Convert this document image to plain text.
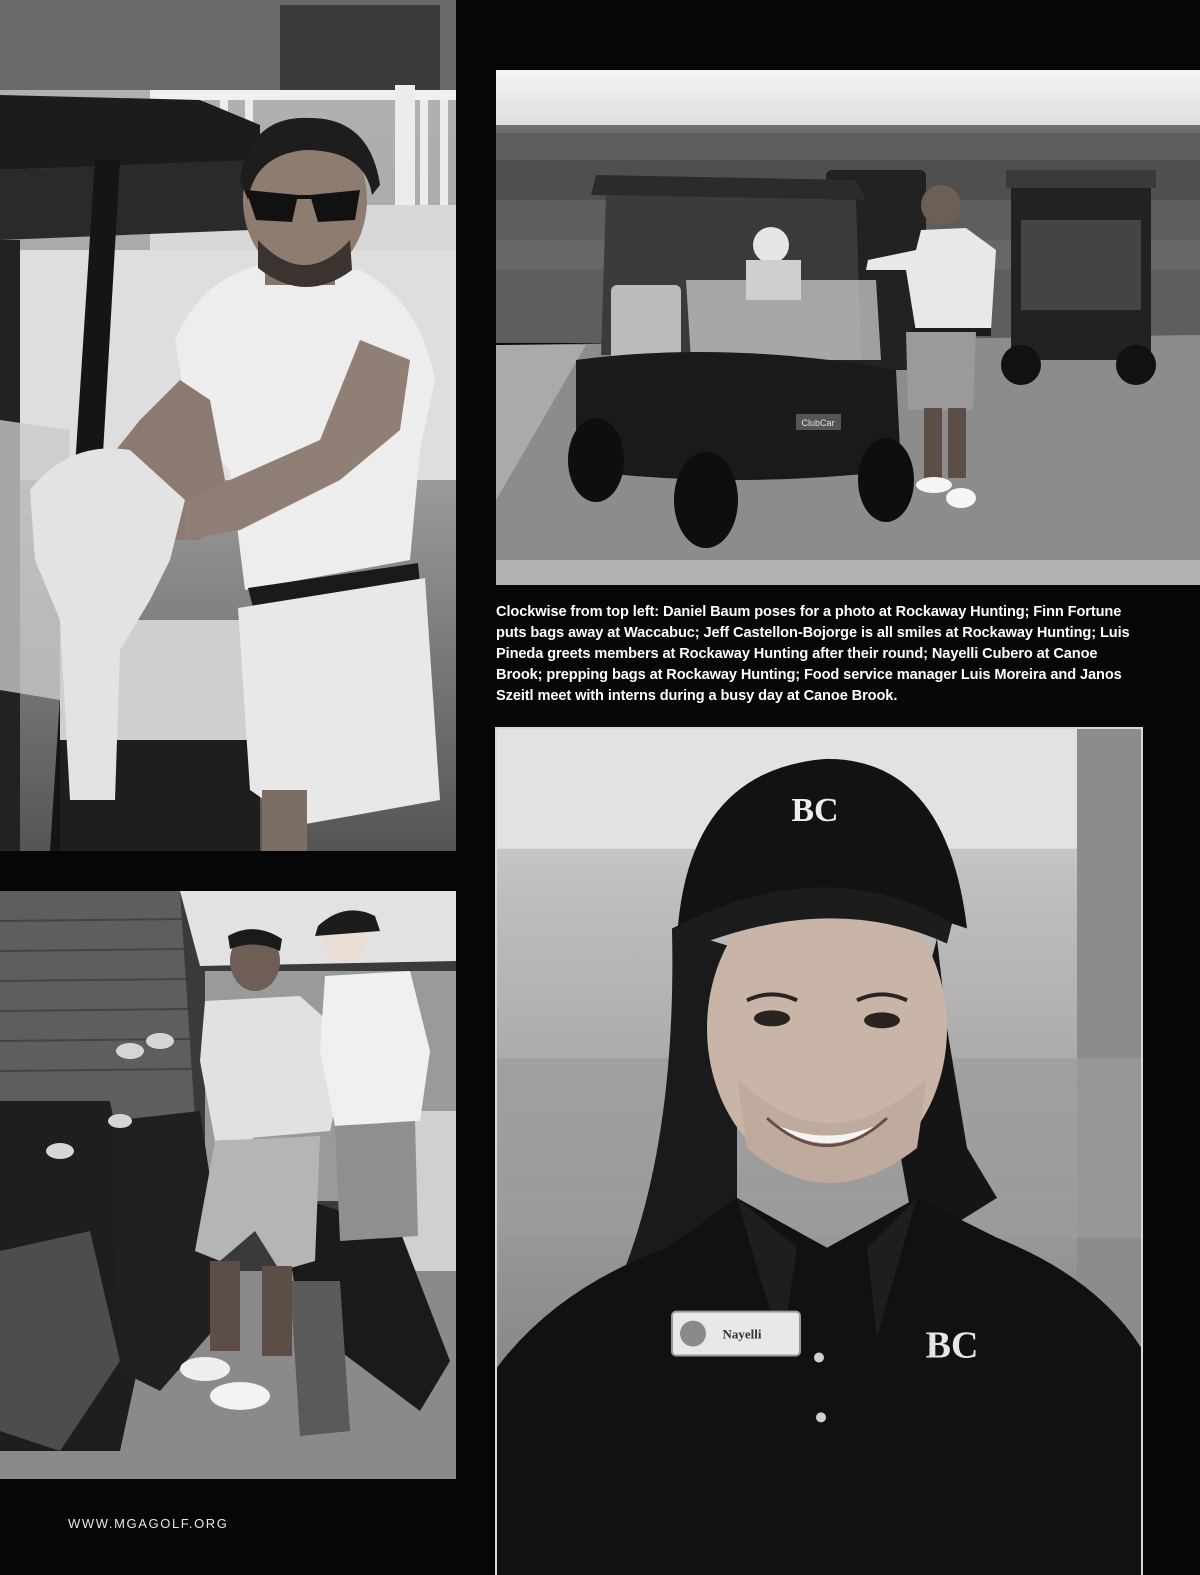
ClubCar
Clockwise from top left: Daniel Baum poses for a photo at Rockaway Hunting; Finn Fortune puts bags away at Waccabuc; Jeff Castellon-Bojorge is all smiles at Rockaway Hunting; Luis Pineda greets members at Rockaway Hunting after their round; Nayelli Cubero at Canoe Brook; prepping bags at Rockaway Hunting; Food service manager Luis Moreira and Janos Szeitl meet with interns during a busy day at Canoe Brook.
BC
Nayelli	BC
WWW.MGAGOLF.ORG
